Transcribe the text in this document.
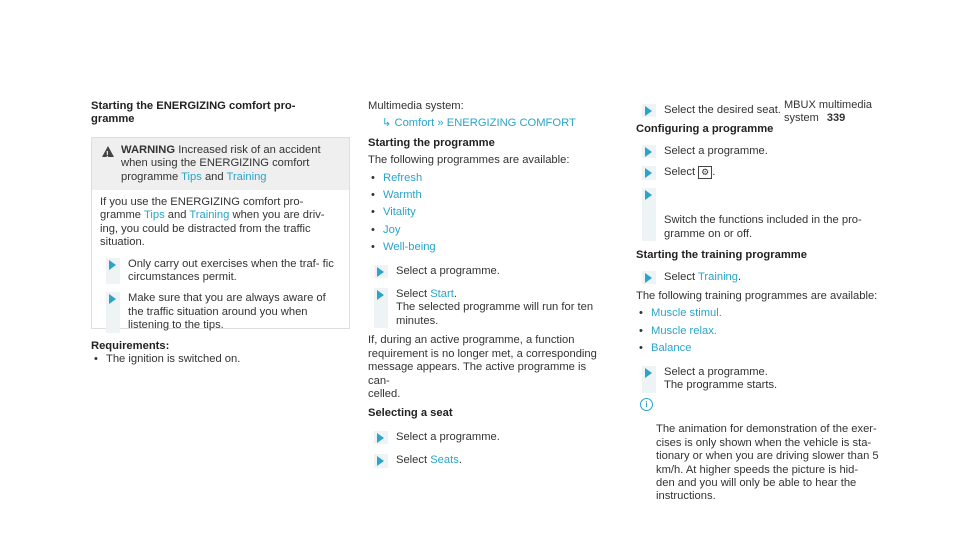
MBUX multimedia system 339
Starting the ENERGIZING comfort pro-
gramme
! WARNING Increased risk of an accident when using the ENERGIZING comfort programme Tips and Training
If you use the ENERGIZING comfort pro- gramme Tips and Training when you are driv- ing, you could be distracted from the traffic situation.
Only carry out exercises when the traf- fic circumstances permit.
Make sure that you are always aware of the traffic situation around you when listening to the tips.
Requirements:
• The ignition is switched on.
Multimedia system:
↳ Comfort » ENERGIZING COMFORT
Starting the programme
The following programmes are available:
• Refresh
• Warmth
• Vitality
• Joy
• Well-being
Select a programme.
Select Start.
The selected programme will run for ten minutes.
If, during an active programme, a function requirement is no longer met, a corresponding message appears. The active programme is can-
celled.
Selecting a seat
Select a programme.
Select Seats.
Select the desired seat.
Configuring a programme
Select a programme.
Select ⚙ .

Switch the functions included in the pro-
gramme on or off.

Starting the training programme
Select Training.
The following training programmes are available:
• Muscle stimul.
• Muscle relax.
• Balance
Select a programme.
The programme starts.

i

The animation for demonstration of the exer-
cises is only shown when the vehicle is sta-
tionary or when you are driving slower than 5 km/h. At higher speeds the picture is hid-
den and you will only be able to hear the instructions.
